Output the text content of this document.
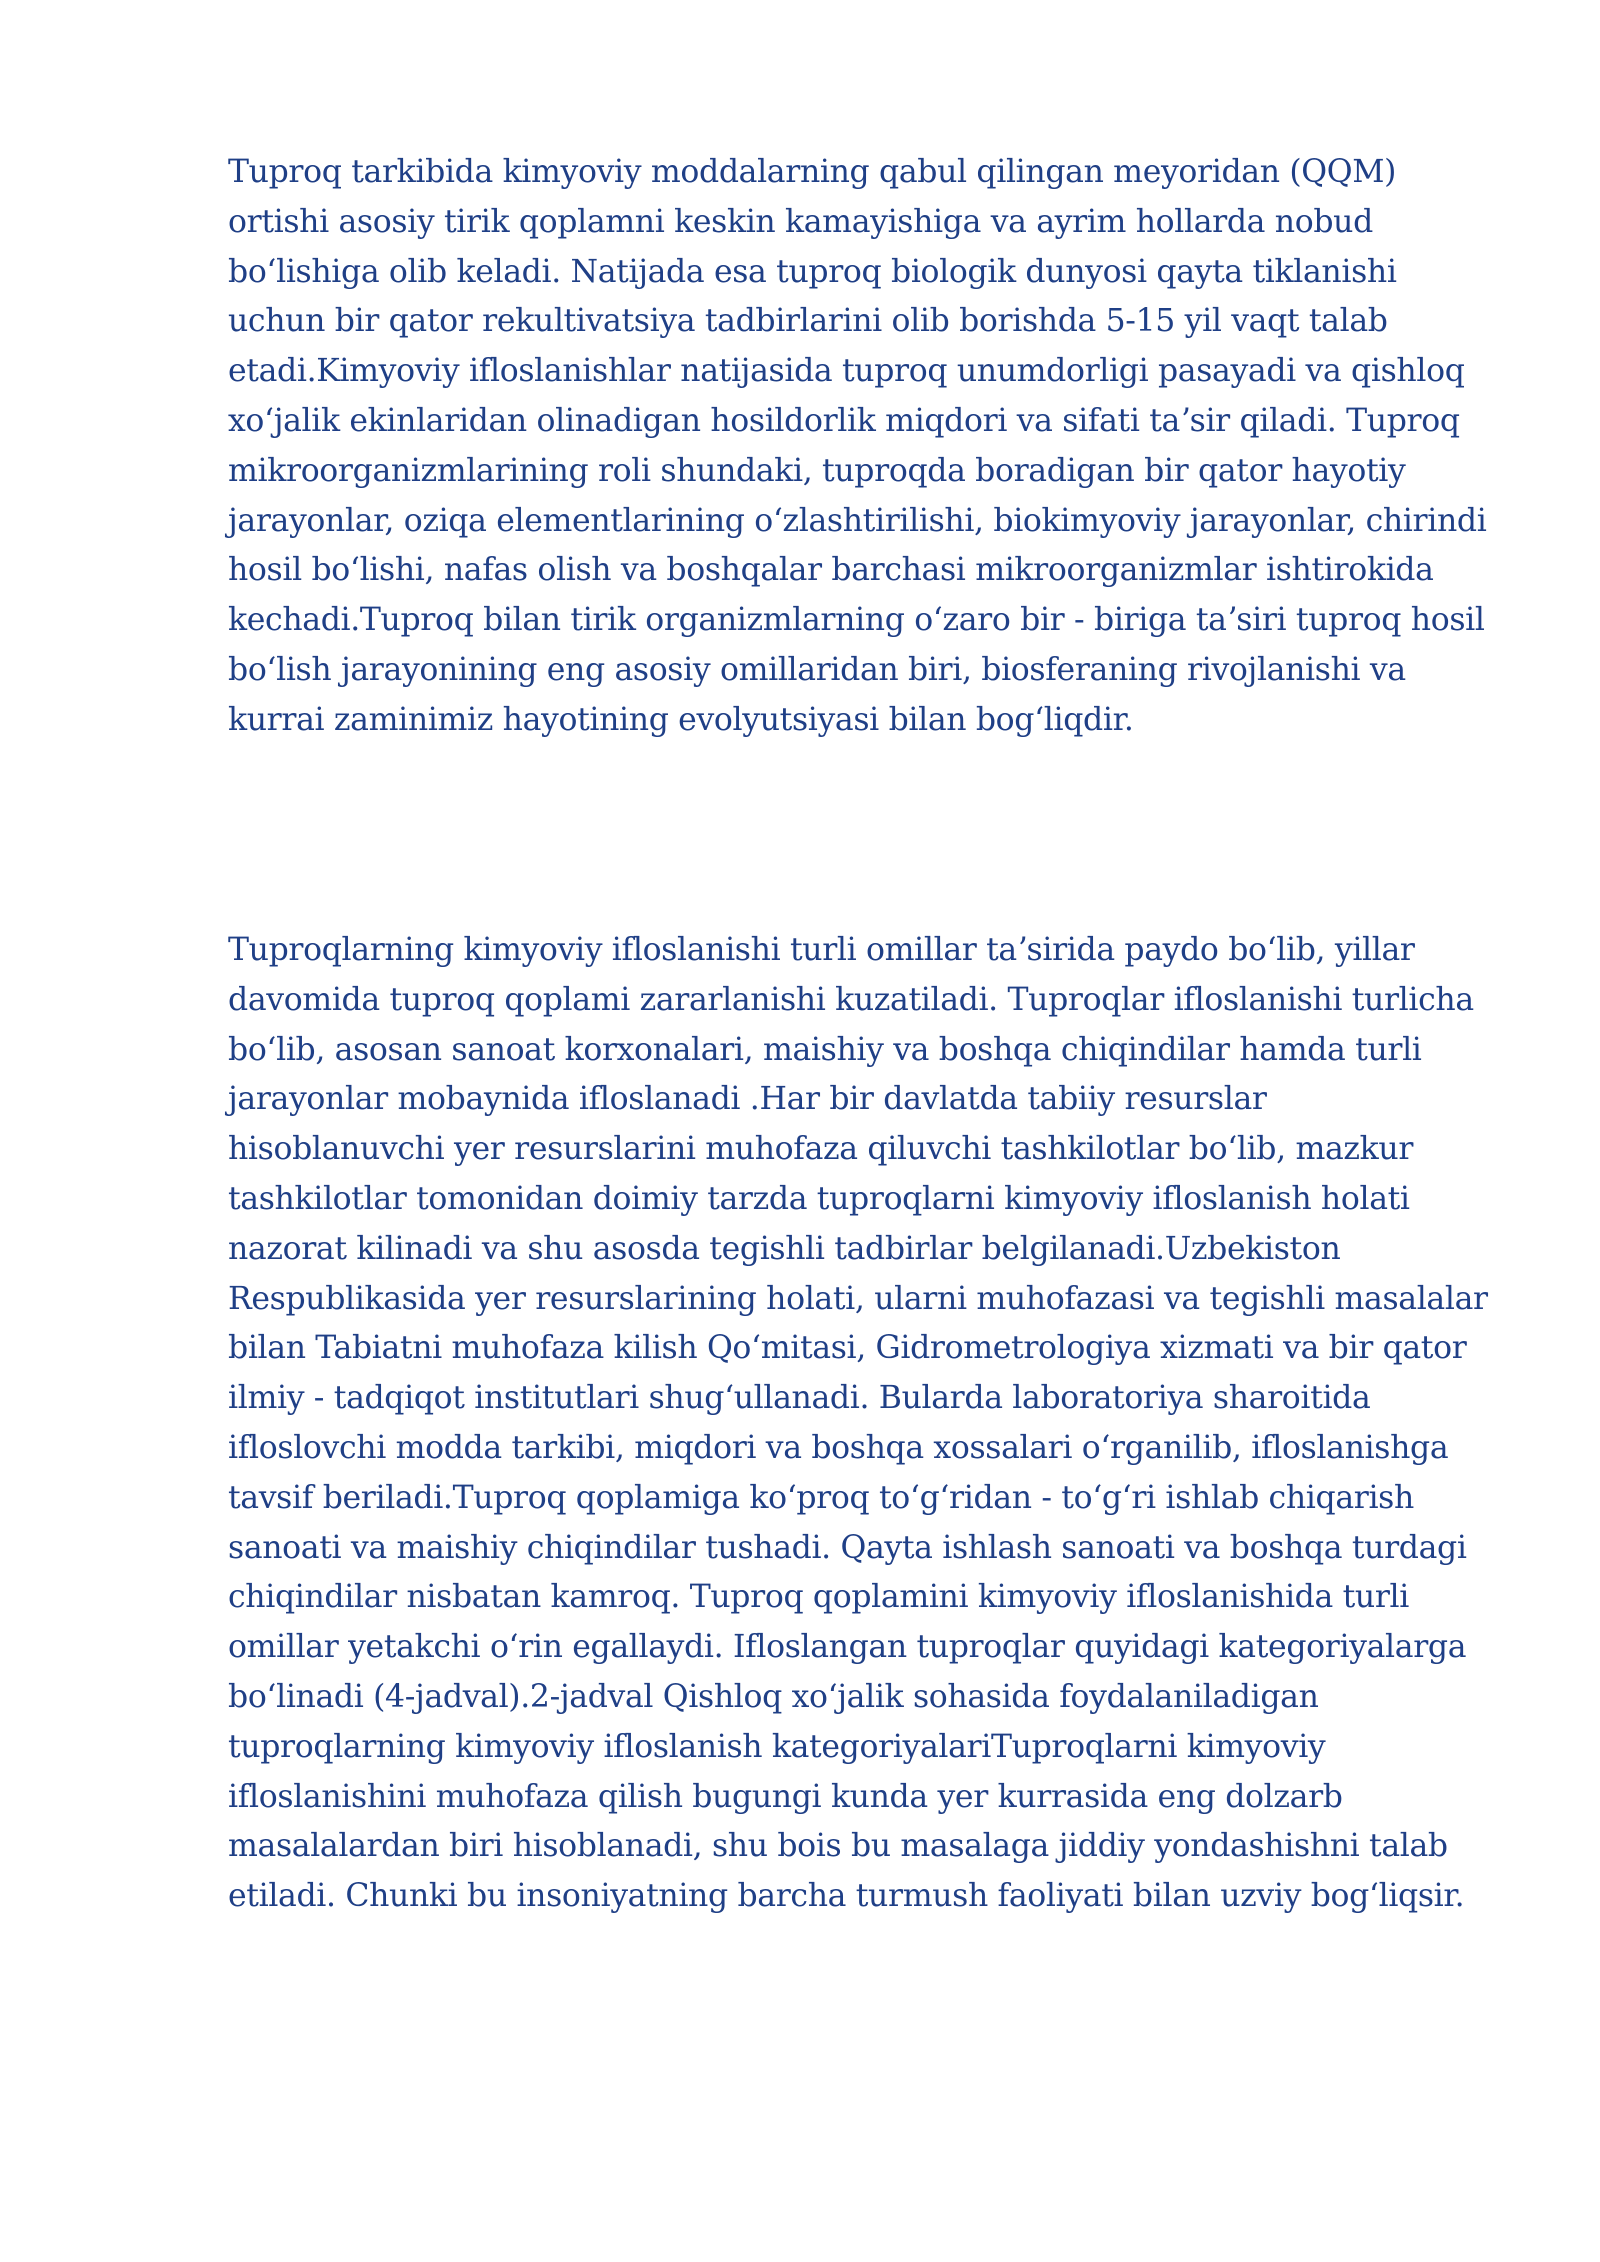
Tuproq tarkibida kimyoviy moddalarning qabul qilingan meyoridan (QQM) ortishi asosiy tirik qoplamni keskin kamayishiga va ayrim hollarda nobud boʻlishiga olib keladi. Natijada esa tuproq biologik dunyosi qayta tiklanishi uchun bir qator rekultivatsiya tadbirlarini olib borishda 5-15 yil vaqt talab etadi.Kimyoviy ifloslanishlar natijasida tuproq unumdorligi pasayadi va qishloq xoʻjalik ekinlaridan olinadigan hosildorlik miqdori va sifati taʼsir qiladi. Tuproq mikroorganizmlarining roli shundaki, tuproqda boradigan bir qator hayotiy jarayonlar, oziqa elementlarining oʻzlashtirilishi, biokimyoviy jarayonlar, chirindi hosil boʻlishi, nafas olish va boshqalar barchasi mikroorganizmlar ishtirokida kechadi.Tuproq bilan tirik organizmlarning oʻzaro bir - biriga taʼsiri tuproq hosil boʻlish jarayonining eng asosiy omillaridan biri, biosferaning rivojlanishi va kurrai zaminimiz hayotining evolyutsiyasi bilan bogʻliqdir.

Tuproqlarning kimyoviy ifloslanishi turli omillar taʼsirida paydo boʻlib, yillar davomida tuproq qoplami zararlanishi kuzatiladi. Tuproqlar ifloslanishi turlicha boʻlib, asosan sanoat korxonalari, maishiy va boshqa chiqindilar hamda turli jarayonlar mobaynida ifloslanadi .Har bir davlatda tabiiy resurslar hisoblanuvchi yer resurslarini muhofaza qiluvchi tashkilotlar boʻlib, mazkur tashkilotlar tomonidan doimiy tarzda tuproqlarni kimyoviy ifloslanish holati nazorat kilinadi va shu asosda tegishli tadbirlar belgilanadi.Uzbekiston Respublikasida yer resurslarining holati, ularni muhofazasi va tegishli masalalar bilan Tabiatni muhofaza kilish Qoʻmitasi, Gidrometrologiya xizmati va bir qator ilmiy - tadqiqot institutlari shugʻullanadi. Bularda laboratoriya sharoitida ifloslovchi modda tarkibi, miqdori va boshqa xossalari oʻrganilib, ifloslanishga tavsif beriladi.Tuproq qoplamiga koʻproq toʻgʻridan - toʻgʻri ishlab chiqarish sanoati va maishiy chiqindilar tushadi. Qayta ishlash sanoati va boshqa turdagi chiqindilar nisbatan kamroq. Tuproq qoplamini kimyoviy ifloslanishida turli omillar yetakchi oʻrin egallaydi. Ifloslangan tuproqlar quyidagi kategoriyalarga boʻlinadi (4-jadval).2-jadval Qishloq xoʻjalik sohasida foydalaniladigan tuproqlarning kimyoviy ifloslanish kategoriyalariTuproqlarni kimyoviy ifloslanishini muhofaza qilish bugungi kunda yer kurrasida eng dolzarb masalalardan biri hisoblanadi, shu bois bu masalaga jiddiy yondashishni talab etiladi. Chunki bu insoniyatning barcha turmush faoliyati bilan uzviy bogʻliqsir.
